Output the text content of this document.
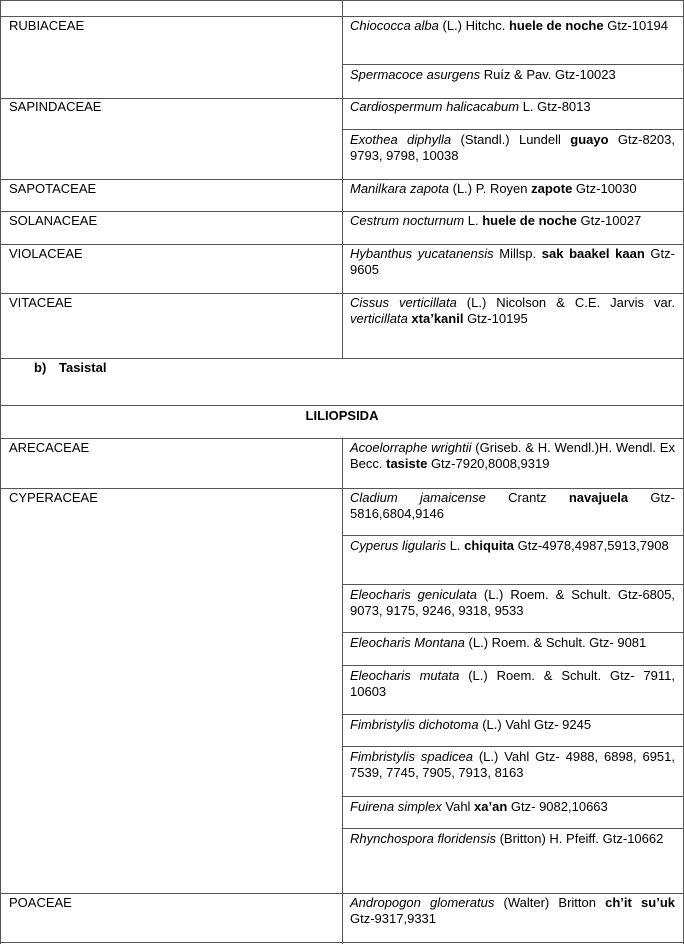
RUBIACEAE
SAPINDACEAE
SAPOTACEAE
SOLANACEAE
VIOLACEAE
VITACEAE
Chiococca alba (L.) Hitchc. huele de noche Gtz-10194
Spermacoce asurgens Ruíz & Pav. Gtz-10023
Cardiospermum halicacabum L. Gtz-8013
Exothea diphylla (Standl.) Lundell guayo Gtz-8203, 9793, 9798, 10038
Manilkara zapota (L.) P. Royen zapote Gtz-10030
Cestrum nocturnum L. huele de noche Gtz-10027
Hybanthus yucatanensis Millsp. sak baakel kaan Gtz-9605
Cissus verticillata (L.) Nicolson & C.E. Jarvis var. verticillata xta’kanil Gtz-10195
b) Tasistal
LILIOPSIDA
ARECACEAE
CYPERACEAE
POACEAE
Acoelorraphe wrightii (Griseb. & H. Wendl.)H. Wendl. Ex Becc. tasiste Gtz-7920,8008,9319
Cladium jamaicense Crantz navajuela Gtz-5816,6804,9146
Cyperus ligularis L. chiquita Gtz-4978,4987,5913,7908
Eleocharis geniculata (L.) Roem. & Schult. Gtz-6805, 9073, 9175, 9246, 9318, 9533
Eleocharis Montana (L.) Roem. & Schult. Gtz- 9081
Eleocharis mutata (L.) Roem. & Schult. Gtz- 7911, 10603
Fimbristylis dichotoma (L.) Vahl Gtz- 9245
Fimbristylis spadicea (L.) Vahl Gtz- 4988, 6898, 6951, 7539, 7745, 7905, 7913, 8163
Fuirena simplex Vahl xa’an Gtz- 9082,10663
Rhynchospora floridensis (Britton) H. Pfeiff. Gtz-10662
Andropogon glomeratus (Walter) Britton ch’it su’uk Gtz-9317,9331
